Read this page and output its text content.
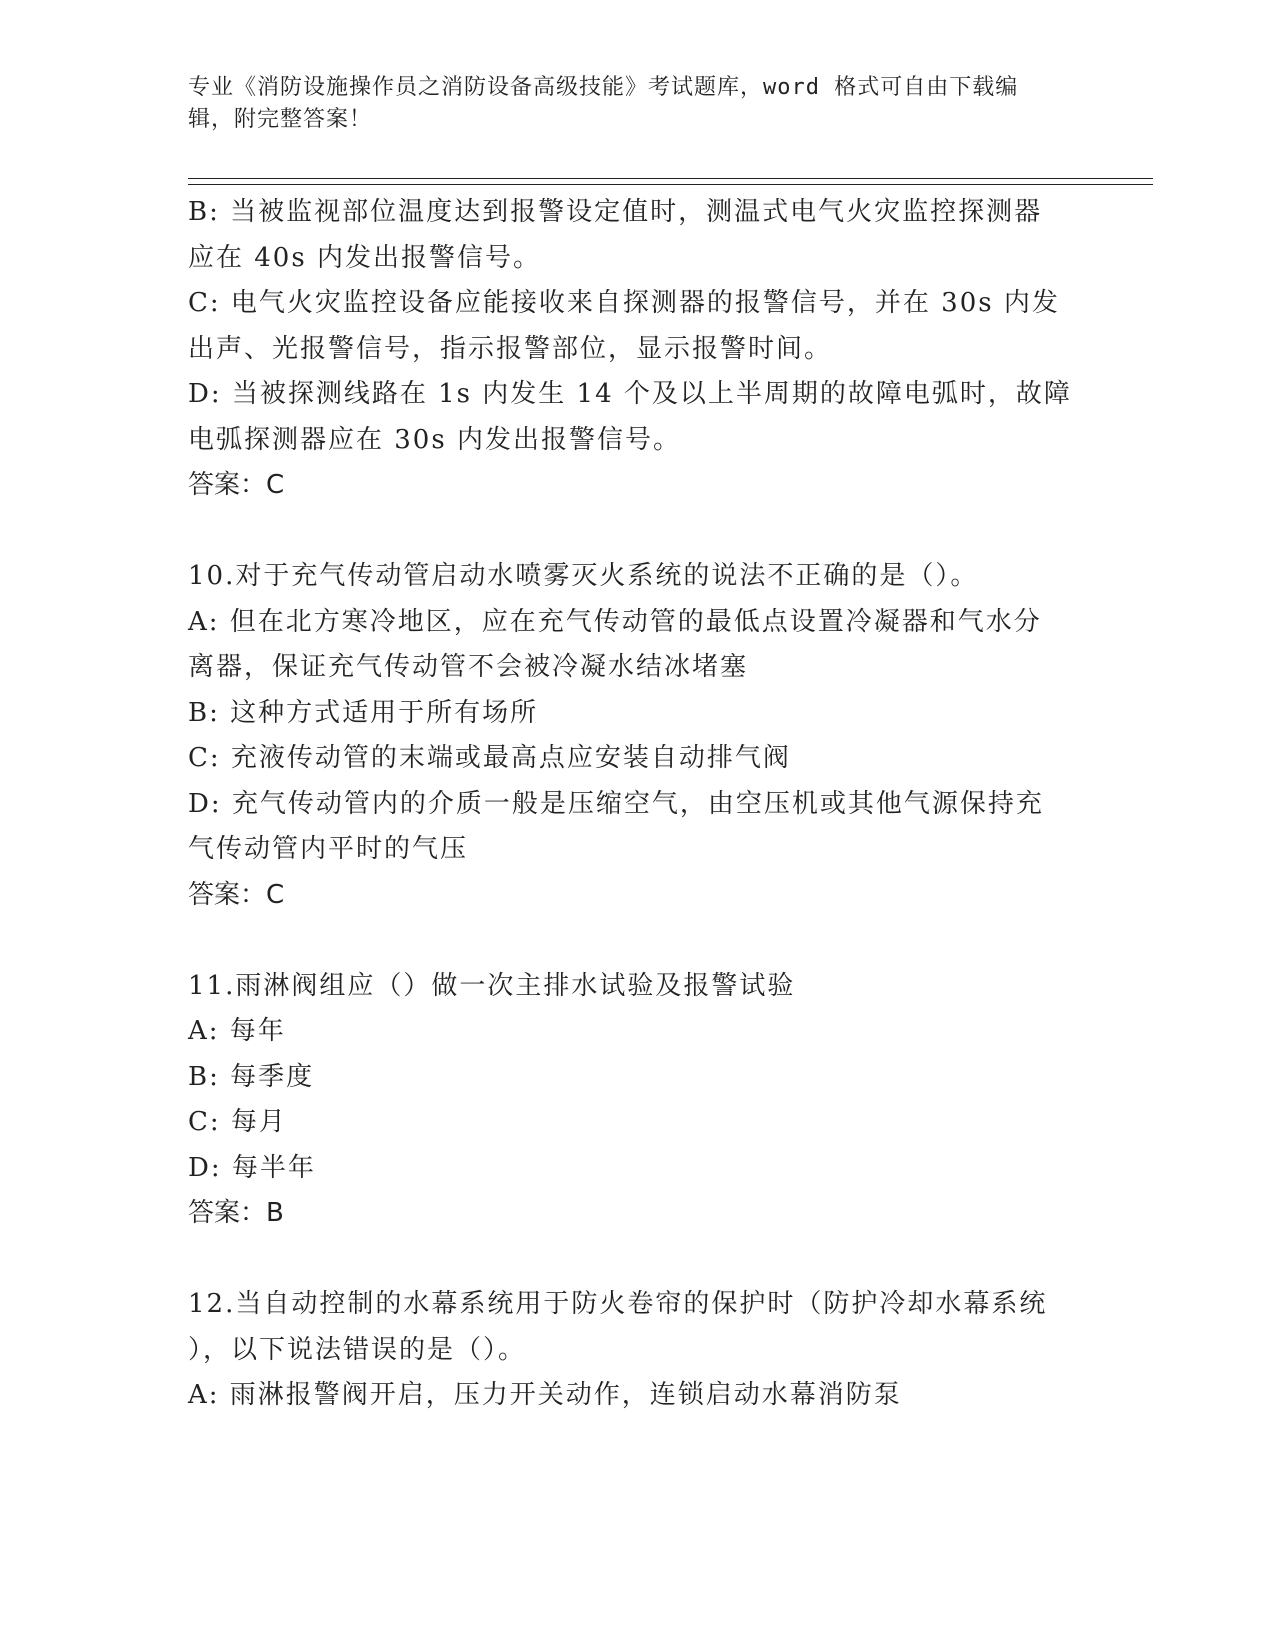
专业《消防设施操作员之消防设备高级技能》考试题库，word 格式可自由下载编
辑，附完整答案！
B: 当被监视部位温度达到报警设定值时，测温式电气火灾监控探测器
应在 40s 内发出报警信号。
C: 电气火灾监控设备应能接收来自探测器的报警信号，并在 30s 内发
出声、光报警信号，指示报警部位，显示报警时间。
D: 当被探测线路在 1s 内发生 14 个及以上半周期的故障电弧时，故障
电弧探测器应在 30s 内发出报警信号。
答案：C
10.对于充气传动管启动水喷雾灭火系统的说法不正确的是（）。
A: 但在北方寒冷地区，应在充气传动管的最低点设置冷凝器和气水分
离器，保证充气传动管不会被冷凝水结冰堵塞
B: 这种方式适用于所有场所
C: 充液传动管的末端或最高点应安装自动排气阀
D: 充气传动管内的介质一般是压缩空气，由空压机或其他气源保持充
气传动管内平时的气压
答案：C
11.雨淋阀组应（）做一次主排水试验及报警试验
A: 每年
B: 每季度
C: 每月
D: 每半年
答案：B
12.当自动控制的水幕系统用于防火卷帘的保护时（防护冷却水幕系统
），以下说法错误的是（）。
A: 雨淋报警阀开启，压力开关动作，连锁启动水幕消防泵
